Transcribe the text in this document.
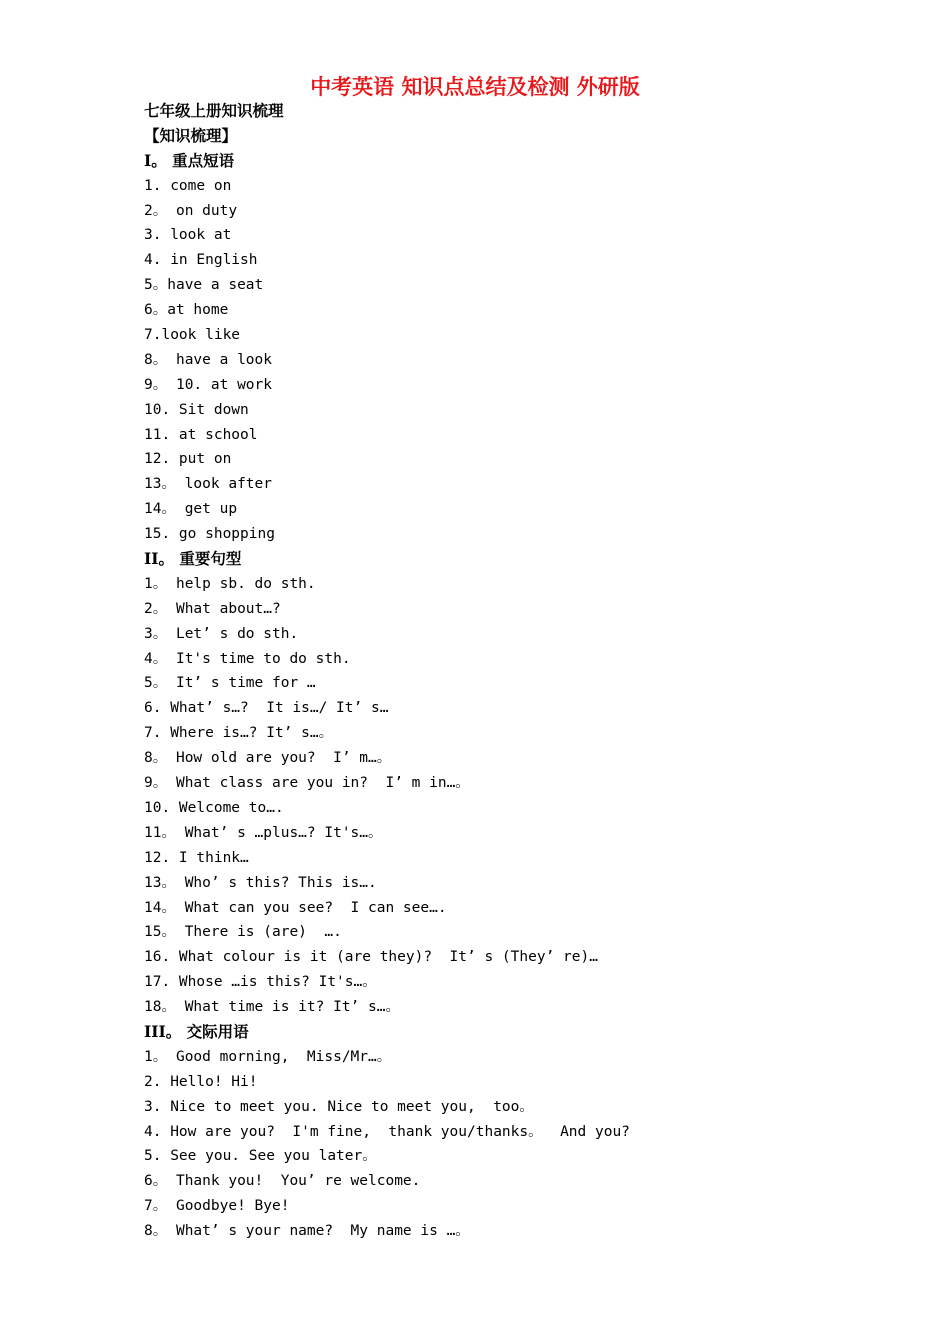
中考英语 知识点总结及检测 外研版
七年级上册知识梳理
【知识梳理】
I。 重点短语
1. come on
2。 on duty
3. look at
4. in English
5。have a seat
6。at home
7.look like
8。 have a look
9。 10. at work
10. Sit down
11. at school
12. put on
13。 look after
14。 get up
15. go shopping
II。 重要句型
1。 help sb. do sth.
2。 What about…?
3。 Let’ s do sth.
4。 It's time to do sth.
5。 It’ s time for …
6. What’ s…?  It is…/ It’ s…
7. Where is…? It’ s…。
8。 How old are you?  I’ m…。
9。 What class are you in?  I’ m in…。
10. Welcome to….
11。 What’ s …plus…? It's…。
12. I think…
13。 Who’ s this? This is….
14。 What can you see?  I can see….
15。 There is (are)  ….
16. What colour is it (are they)?  It’ s (They’ re)…
17. Whose …is this? It's…。
18。 What time is it? It’ s…。
III。 交际用语
1。 Good morning,  Miss/Mr…。
2. Hello! Hi!
3. Nice to meet you. Nice to meet you,  too。
4. How are you?  I'm fine,  thank you/thanks。  And you?
5. See you. See you later。
6。 Thank you!  You’ re welcome.
7。 Goodbye! Bye!
8。 What’ s your name?  My name is …。
